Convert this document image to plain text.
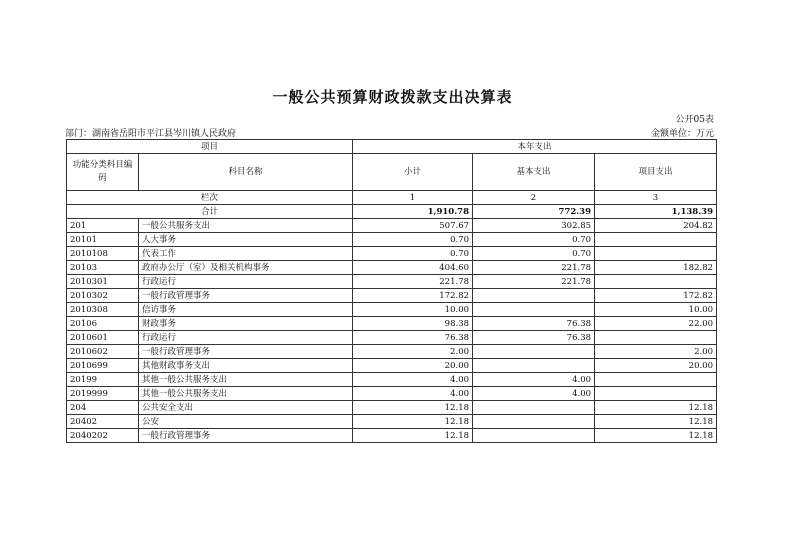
一般公共预算财政拨款支出决算表
公开05表
部门：湖南省岳阳市平江县岑川镇人民政府	金额单位：万元
项目		本年支出		
功能分类科目编码	科目名称	小计	基本支出	项目支出
栏次		1	2	3
合计		1,910.78	772.39	1,138.39
201	一般公共服务支出	507.67	302.85	204.82
20101	人大事务	0.70	0.70	
2010108	代表工作	0.70	0.70	
20103	政府办公厅（室）及相关机构事务	404.60	221.78	182.82
2010301	行政运行	221.78	221.78	
2010302	一般行政管理事务	172.82		172.82
2010308	信访事务	10.00		10.00
20106	财政事务	98.38	76.38	22.00
2010601	行政运行	76.38	76.38	
2010602	一般行政管理事务	2.00		2.00
2010699	其他财政事务支出	20.00		20.00
20199	其他一般公共服务支出	4.00	4.00	
2019999	其他一般公共服务支出	4.00	4.00	
204	公共安全支出	12.18		12.18
20402	公安	12.18		12.18
2040202	一般行政管理事务	12.18		12.18
